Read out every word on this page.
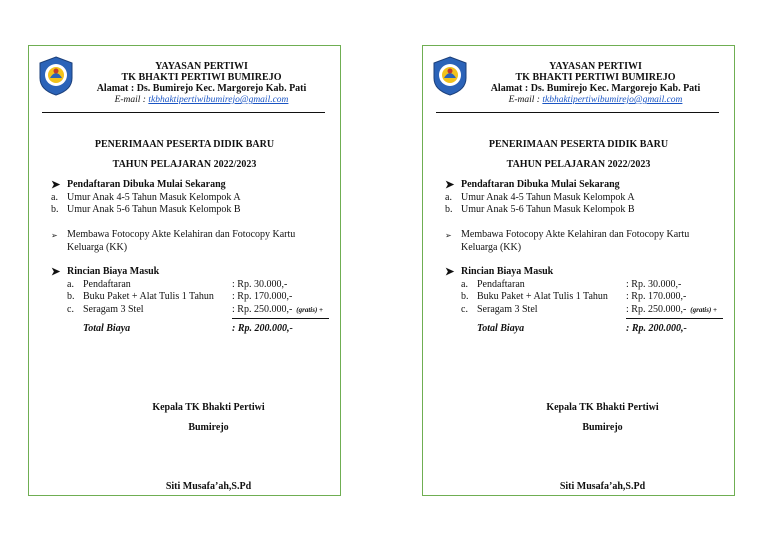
YAYASAN PERTIWI
TK BHAKTI PERTIWI BUMIREJO
Alamat : Ds. Bumirejo Kec. Margorejo Kab. Pati
E-mail : tkbhaktipertiwibumirejo@gmail.com
PENERIMAAN PESERTA DIDIK BARU
TAHUN PELAJARAN 2022/2023
➤ Pendaftaran Dibuka Mulai Sekarang
a. Umur Anak 4-5 Tahun Masuk Kelompok A
b. Umur Anak 5-6 Tahun Masuk Kelompok B
➢ Membawa Fotocopy Akte Kelahiran dan Fotocopy Kartu Keluarga (KK)
➤ Rincian Biaya Masuk
a. Pendaftaran	: Rp. 30.000,-
b. Buku Paket + Alat Tulis 1 Tahun : Rp. 170.000,-
c. Seragam 3 Stel	: Rp. 250.000,- (gratis) +
Total Biaya	: Rp. 200.000,-
Kepala TK Bhakti Pertiwi
Bumirejo
Siti Musafa’ah,S.Pd
YAYASAN PERTIWI
TK BHAKTI PERTIWI BUMIREJO
Alamat : Ds. Bumirejo Kec. Margorejo Kab. Pati
E-mail : tkbhaktipertiwibumirejo@gmail.com
PENERIMAAN PESERTA DIDIK BARU
TAHUN PELAJARAN 2022/2023
➤ Pendaftaran Dibuka Mulai Sekarang
a. Umur Anak 4-5 Tahun Masuk Kelompok A
b. Umur Anak 5-6 Tahun Masuk Kelompok B
➢ Membawa Fotocopy Akte Kelahiran dan Fotocopy Kartu Keluarga (KK)
➤ Rincian Biaya Masuk
a. Pendaftaran	: Rp. 30.000,-
b. Buku Paket + Alat Tulis 1 Tahun : Rp. 170.000,-
c. Seragam 3 Stel	: Rp. 250.000,- (gratis) +
Total Biaya	: Rp. 200.000,-
Kepala TK Bhakti Pertiwi
Bumirejo
Siti Musafa’ah,S.Pd
